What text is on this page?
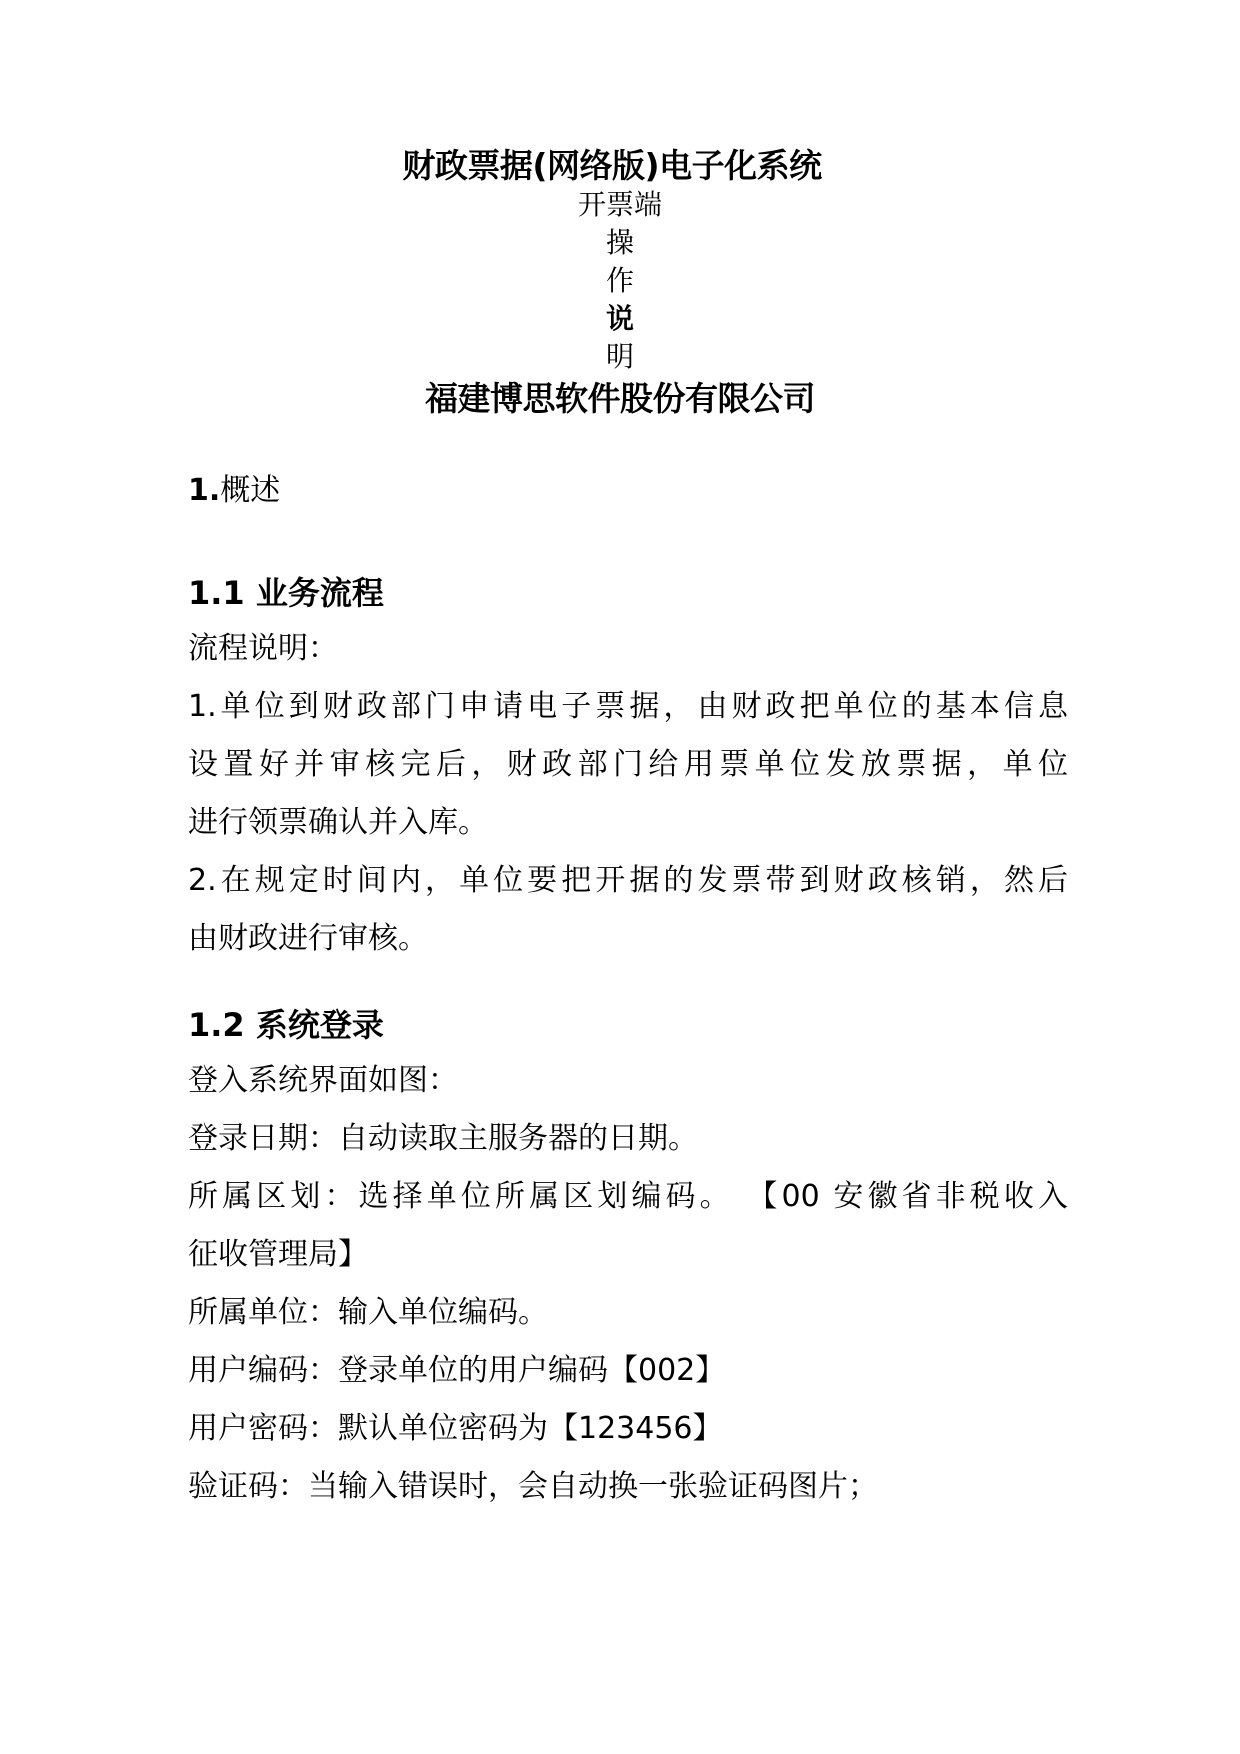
财政票据(网络版)电子化系统
开票端
操
作
说
明
福建博思软件股份有限公司
1.概述
1.1 业务流程
流程说明：
1.单位到财政部门申请电子票据，由财政把单位的基本信息
设置好并审核完后，财政部门给用票单位发放票据，单位
进行领票确认并入库。
2.在规定时间内，单位要把开据的发票带到财政核销，然后
由财政进行审核。
1.2 系统登录
登入系统界面如图：
登录日期：自动读取主服务器的日期。
所属区划：选择单位所属区划编码。 【00 安徽省非税收入
征收管理局】
所属单位：输入单位编码。
用户编码：登录单位的用户编码【002】
用户密码：默认单位密码为【123456】
验证码：当输入错误时，会自动换一张验证码图片；
